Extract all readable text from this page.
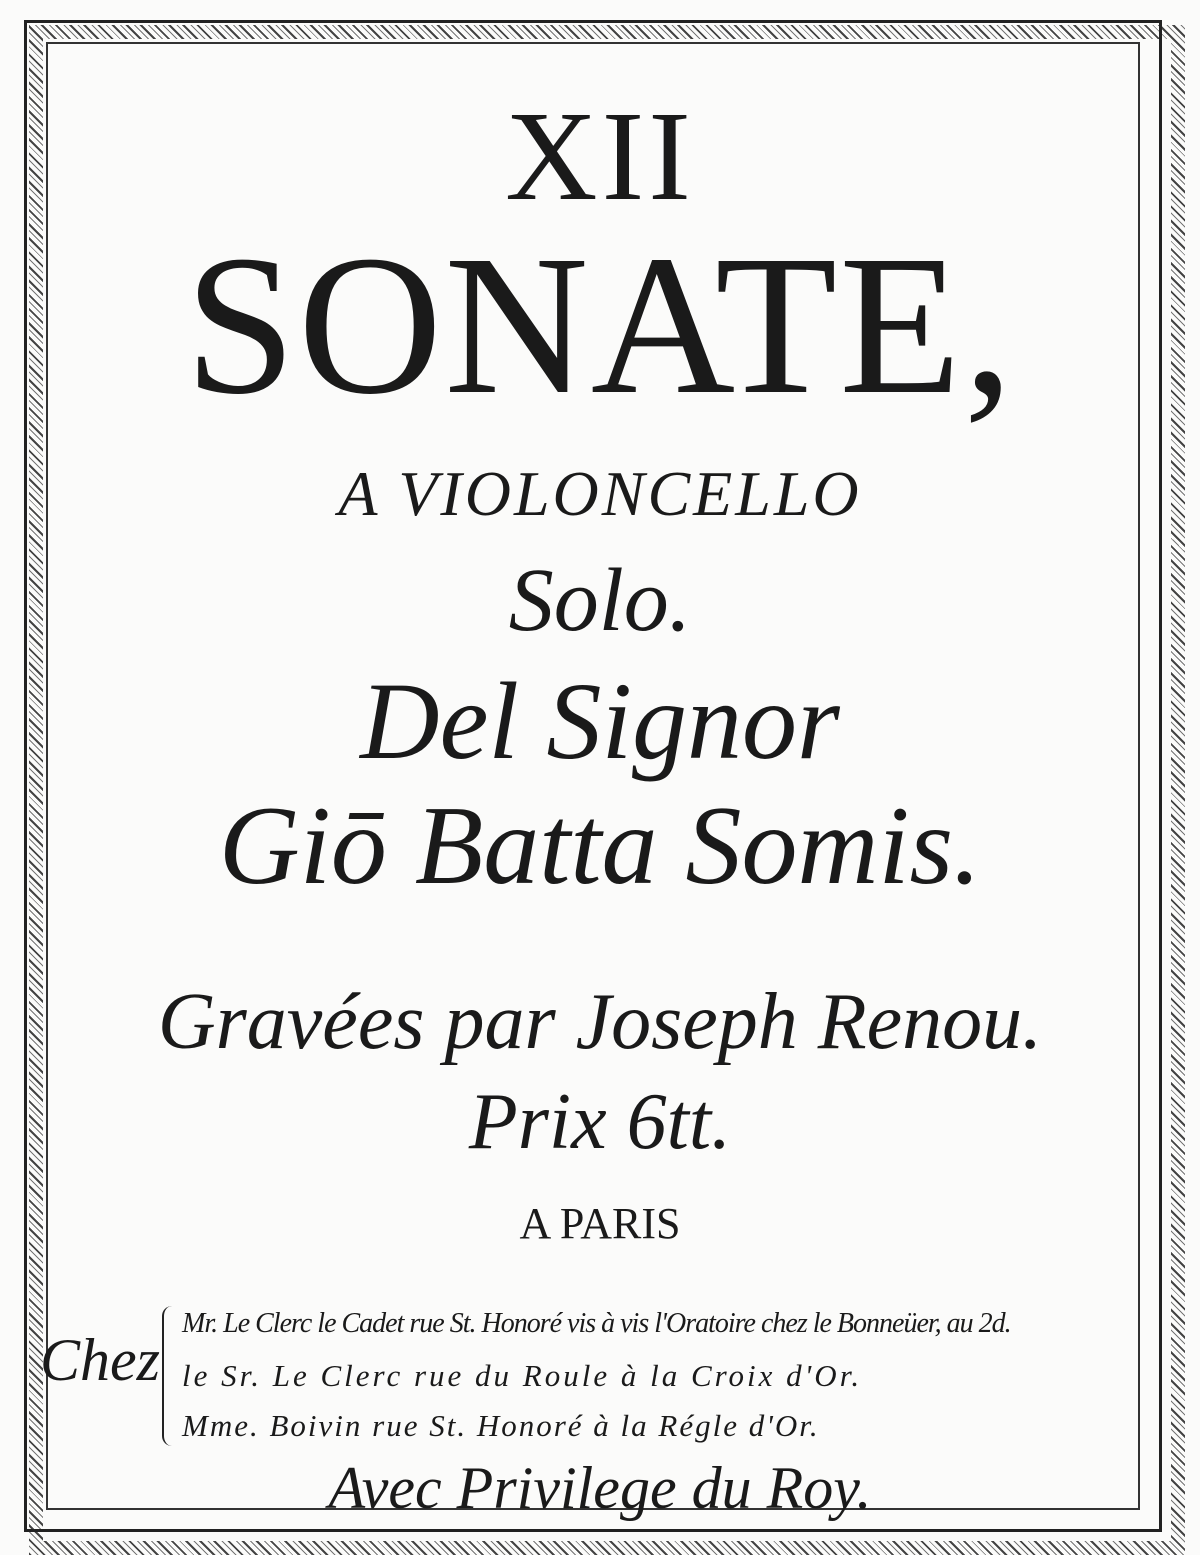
XII
SONATE,
A VIOLONCELLO
Solo.
Del Signor
Giō Batta Somis.
Gravées par Joseph Renou.
Prix 6tt.
A PARIS
Chez
Mr. Le Clerc le Cadet rue St. Honoré vis à vis l'Oratoire chez le Bonneüer, au 2d.
le Sr. Le Clerc rue du Roule à la Croix d'Or.
Mme. Boivin rue St. Honoré à la Régle d'Or.
Avec Privilege du Roy.
